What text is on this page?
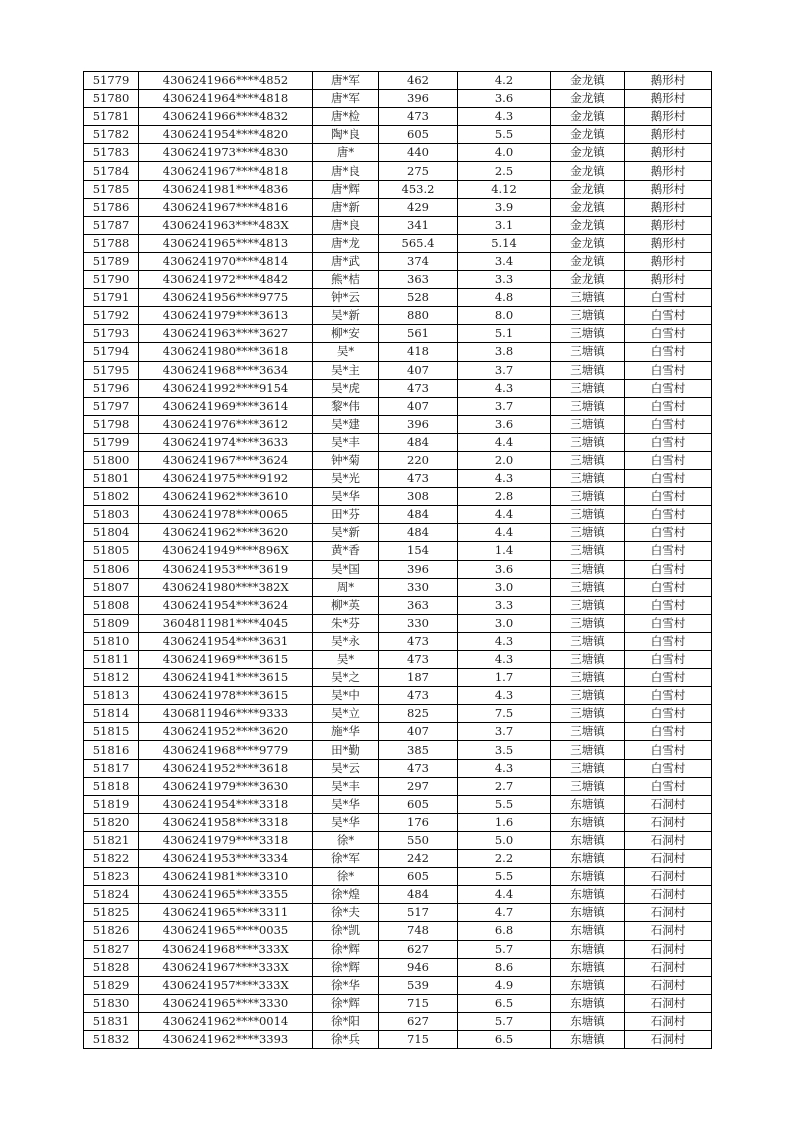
51779	4306241966****4852	唐*军	462	4.2	金龙镇	鹅形村
51780	4306241964****4818	唐*军	396	3.6	金龙镇	鹅形村
51781	4306241966****4832	唐*检	473	4.3	金龙镇	鹅形村
51782	4306241954****4820	陶*良	605	5.5	金龙镇	鹅形村
51783	4306241973****4830	唐*	440	4.0	金龙镇	鹅形村
51784	4306241967****4818	唐*良	275	2.5	金龙镇	鹅形村
51785	4306241981****4836	唐*辉	453.2	4.12	金龙镇	鹅形村
51786	4306241967****4816	唐*新	429	3.9	金龙镇	鹅形村
51787	4306241963****483X	唐*良	341	3.1	金龙镇	鹅形村
51788	4306241965****4813	唐*龙	565.4	5.14	金龙镇	鹅形村
51789	4306241970****4814	唐*武	374	3.4	金龙镇	鹅形村
51790	4306241972****4842	熊*桔	363	3.3	金龙镇	鹅形村
51791	4306241956****9775	钟*云	528	4.8	三塘镇	白雪村
51792	4306241979****3613	吴*新	880	8.0	三塘镇	白雪村
51793	4306241963****3627	柳*安	561	5.1	三塘镇	白雪村
51794	4306241980****3618	吴*	418	3.8	三塘镇	白雪村
51795	4306241968****3634	吴*主	407	3.7	三塘镇	白雪村
51796	4306241992****9154	吴*虎	473	4.3	三塘镇	白雪村
51797	4306241969****3614	黎*伟	407	3.7	三塘镇	白雪村
51798	4306241976****3612	吴*建	396	3.6	三塘镇	白雪村
51799	4306241974****3633	吴*丰	484	4.4	三塘镇	白雪村
51800	4306241967****3624	钟*菊	220	2.0	三塘镇	白雪村
51801	4306241975****9192	吴*光	473	4.3	三塘镇	白雪村
51802	4306241962****3610	吴*华	308	2.8	三塘镇	白雪村
51803	4306241978****0065	田*芬	484	4.4	三塘镇	白雪村
51804	4306241962****3620	吴*新	484	4.4	三塘镇	白雪村
51805	4306241949****896X	黄*香	154	1.4	三塘镇	白雪村
51806	4306241953****3619	吴*国	396	3.6	三塘镇	白雪村
51807	4306241980****382X	周*	330	3.0	三塘镇	白雪村
51808	4306241954****3624	柳*英	363	3.3	三塘镇	白雪村
51809	3604811981****4045	朱*芬	330	3.0	三塘镇	白雪村
51810	4306241954****3631	吴*永	473	4.3	三塘镇	白雪村
51811	4306241969****3615	吴*	473	4.3	三塘镇	白雪村
51812	4306241941****3615	吴*之	187	1.7	三塘镇	白雪村
51813	4306241978****3615	吴*中	473	4.3	三塘镇	白雪村
51814	4306811946****9333	吴*立	825	7.5	三塘镇	白雪村
51815	4306241952****3620	施*华	407	3.7	三塘镇	白雪村
51816	4306241968****9779	田*勤	385	3.5	三塘镇	白雪村
51817	4306241952****3618	吴*云	473	4.3	三塘镇	白雪村
51818	4306241979****3630	吴*丰	297	2.7	三塘镇	白雪村
51819	4306241954****3318	吴*华	605	5.5	东塘镇	石洞村
51820	4306241958****3318	吴*华	176	1.6	东塘镇	石洞村
51821	4306241979****3318	徐*	550	5.0	东塘镇	石洞村
51822	4306241953****3334	徐*军	242	2.2	东塘镇	石洞村
51823	4306241981****3310	徐*	605	5.5	东塘镇	石洞村
51824	4306241965****3355	徐*煌	484	4.4	东塘镇	石洞村
51825	4306241965****3311	徐*夫	517	4.7	东塘镇	石洞村
51826	4306241965****0035	徐*凯	748	6.8	东塘镇	石洞村
51827	4306241968****333X	徐*辉	627	5.7	东塘镇	石洞村
51828	4306241967****333X	徐*辉	946	8.6	东塘镇	石洞村
51829	4306241957****333X	徐*华	539	4.9	东塘镇	石洞村
51830	4306241965****3330	徐*辉	715	6.5	东塘镇	石洞村
51831	4306241962****0014	徐*阳	627	5.7	东塘镇	石洞村
51832	4306241962****3393	徐*兵	715	6.5	东塘镇	石洞村
